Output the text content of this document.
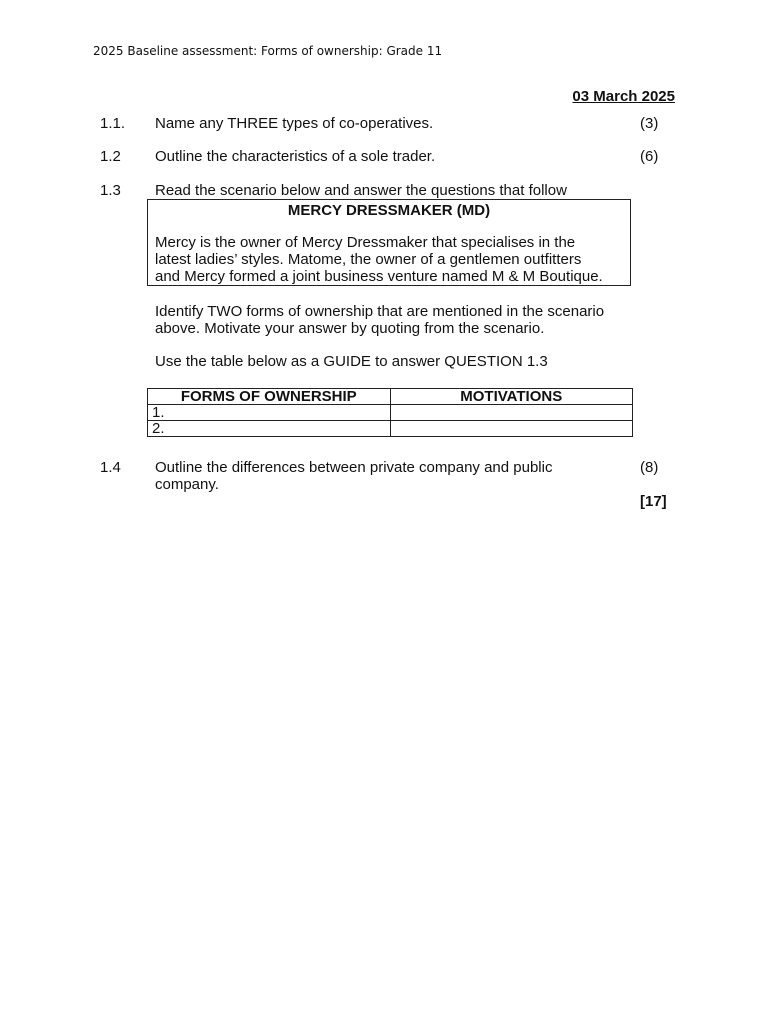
2025 Baseline assessment: Forms of ownership: Grade 11
03 March 2025
1.1. Name any THREE types of co-operatives.	(3)
1.2 Outline the characteristics of a sole trader.	(6)
1.3 Read the scenario below and answer the questions that follow
MERCY DRESSMAKER (MD)
Mercy is the owner of Mercy Dressmaker that specialises in the
latest ladies’ styles. Matome, the owner of a gentlemen outfitters
and Mercy formed a joint business venture named M & M Boutique.
Identify TWO forms of ownership that are mentioned in the scenario
above. Motivate your answer by quoting from the scenario.
Use the table below as a GUIDE to answer QUESTION 1.3
FORMS OF OWNERSHIP	MOTIVATIONS
1.	
2.	
1.4 Outline the differences between private company and public
company.
(8)
[17]
